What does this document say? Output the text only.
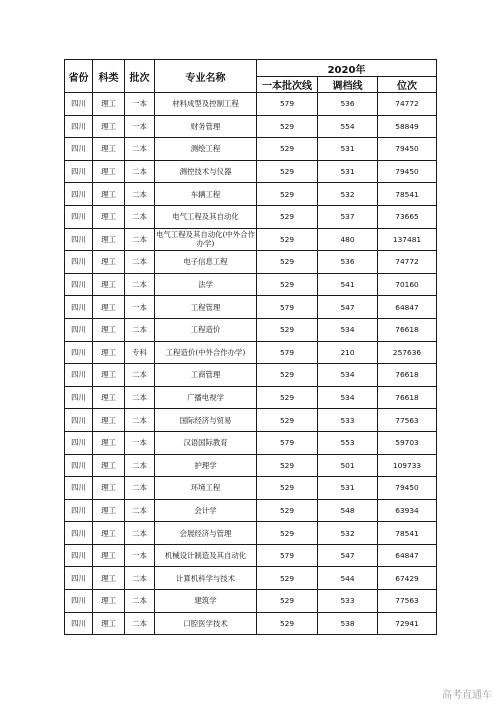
省份	科类	批次	专业名称	2020年		
				一本批次线	调档线	位次
四川	理工	一本	材料成型及控制工程	579	536	74772
四川	理工	一本	财务管理	529	554	58849
四川	理工	二本	测绘工程	529	531	79450
四川	理工	二本	测控技术与仪器	529	531	79450
四川	理工	二本	车辆工程	529	532	78541
四川	理工	二本	电气工程及其自动化	529	537	73665
四川	理工	二本	电气工程及其自动化(中外合作办学)	529	480	137481
四川	理工	二本	电子信息工程	529	536	74772
四川	理工	二本	法学	529	541	70160
四川	理工	一本	工程管理	579	547	64847
四川	理工	二本	工程造价	529	534	76618
四川	理工	专科	工程造价(中外合作办学)	579	210	257636
四川	理工	二本	工商管理	529	534	76618
四川	理工	二本	广播电视学	529	534	76618
四川	理工	二本	国际经济与贸易	529	533	77563
四川	理工	一本	汉语国际教育	579	553	59703
四川	理工	二本	护理学	529	501	109733
四川	理工	二本	环境工程	529	531	79450
四川	理工	二本	会计学	529	548	63934
四川	理工	二本	会展经济与管理	529	532	78541
四川	理工	一本	机械设计制造及其自动化	579	547	64847
四川	理工	二本	计算机科学与技术	529	544	67429
四川	理工	二本	建筑学	529	533	77563
四川	理工	二本	口腔医学技术	529	538	72941
高考直通车
